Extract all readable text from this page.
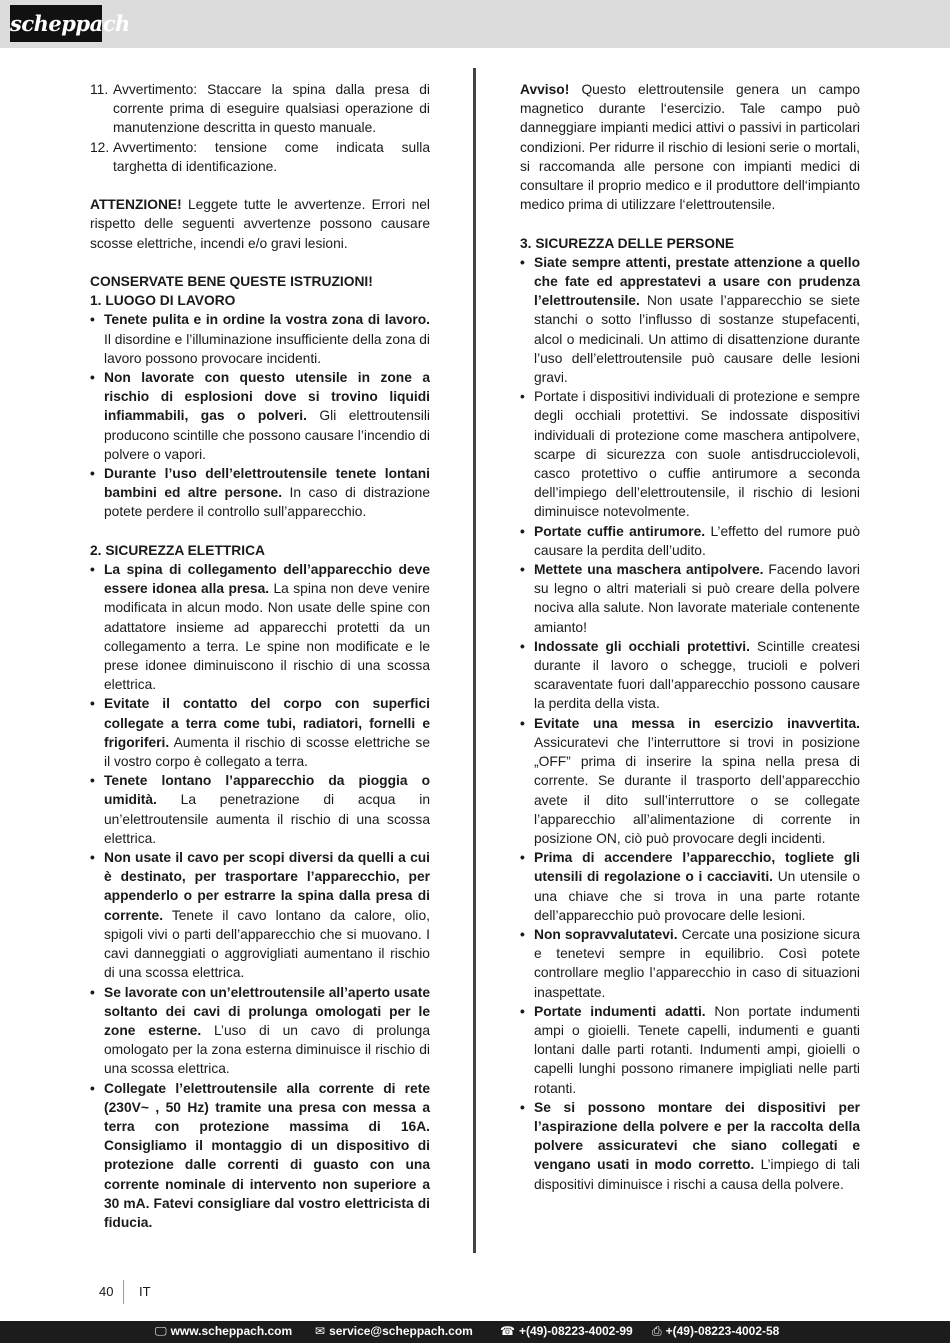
scheppach

11. Avvertimento: Staccare la spina dalla presa di corrente prima di eseguire qualsiasi operazione di manutenzione descritta in questo manuale.

12. Avvertimento: tensione come indicata sulla targhetta di identificazione.

ATTENZIONE! Leggete tutte le avvertenze. Errori nel rispetto delle seguenti avvertenze possono causare scosse elettriche, incendi e/o gravi lesioni.

CONSERVATE BENE QUESTE ISTRUZIONI!

1. LUOGO DI LAVORO

• Tenete pulita e in ordine la vostra zona di lavoro. Il disordine e l’illuminazione insufficiente della zona di lavoro possono provocare incidenti.

• Non lavorate con questo utensile in zone a rischio di esplosioni dove si trovino liquidi infiammabili, gas o polveri. Gli elettroutensili producono scintille che possono causare l’incendio di polvere o vapori.

• Durante l’uso dell’elettroutensile tenete lontani bambini ed altre persone. In caso di distrazione potete perdere il controllo sull’apparecchio.

2. SICUREZZA ELETTRICA

• La spina di collegamento dell’apparecchio deve essere idonea alla presa. La spina non deve venire modificata in alcun modo. Non usate delle spine con adattatore insieme ad apparecchi protetti da un collegamento a terra. Le spine non modificate e le prese idonee diminuiscono il rischio di una scossa elettrica.

• Evitate il contatto del corpo con superfici collegate a terra come tubi, radiatori, fornelli e frigoriferi. Aumenta il rischio di scosse elettriche se il vostro corpo è collegato a terra.

• Tenete lontano l’apparecchio da pioggia o umidità. La penetrazione di acqua in un’elettroutensile aumenta il rischio di una scossa elettrica.

• Non usate il cavo per scopi diversi da quelli a cui è destinato, per trasportare l’apparecchio, per appenderlo o per estrarre la spina dalla presa di corrente. Tenete il cavo lontano da calore, olio, spigoli vivi o parti dell’apparecchio che si muovano. I cavi danneggiati o aggrovigliati aumentano il rischio di una scossa elettrica.

• Se lavorate con un’elettroutensile all’aperto usate soltanto dei cavi di prolunga omologati per le zone esterne. L’uso di un cavo di prolunga omologato per la zona esterna diminuisce il rischio di una scossa elettrica.

• Collegate l’elettroutensile alla corrente di rete (230V~ , 50 Hz) tramite una presa con messa a terra con protezione massima di 16A. Consigliamo il montaggio di un dispositivo di protezione dalle correnti di guasto con una corrente nominale di intervento non superiore a 30 mA. Fatevi consigliare dal vostro elettricista di fiducia.

Avviso! Questo elettroutensile genera un campo magnetico durante l‘esercizio. Tale campo può danneggiare impianti medici attivi o passivi in particolari condizioni. Per ridurre il rischio di lesioni serie o mortali, si raccomanda alle persone con impianti medici di consultare il proprio medico e il produttore dell‘impianto medico prima di utilizzare l‘elettroutensile.

3. SICUREZZA DELLE PERSONE

• Siate sempre attenti, prestate attenzione a quello che fate ed apprestatevi a usare con prudenza l’elettroutensile. Non usate l’apparecchio se siete stanchi o sotto l’influsso di sostanze stupefacenti, alcol o medicinali. Un attimo di disattenzione durante l’uso dell’elettroutensile può causare delle lesioni gravi.

• Portate i dispositivi individuali di protezione e sempre degli occhiali protettivi. Se indossate dispositivi individuali di protezione come maschera antipolvere, scarpe di sicurezza con suole antisdrucciolevoli, casco protettivo o cuffie antirumore a seconda dell’impiego dell’elettroutensile, il rischio di lesioni diminuisce notevolmente.

• Portate cuffie antirumore. L’effetto del rumore può causare la perdita dell’udito.

• Mettete una maschera antipolvere. Facendo lavori su legno o altri materiali si può creare della polvere nociva alla salute. Non lavorate materiale contenente amianto!

• Indossate gli occhiali protettivi. Scintille createsi durante il lavoro o schegge, trucioli e polveri scaraventate fuori dall’apparecchio possono causare la perdita della vista.

• Evitate una messa in esercizio inavvertita. Assicuratevi che l’interruttore si trovi in posizione „OFF” prima di inserire la spina nella presa di corrente. Se durante il trasporto dell’apparecchio avete il dito sull’interruttore o se collegate l’apparecchio all’alimentazione di corrente in posizione ON, ciò può provocare degli incidenti.

• Prima di accendere l’apparecchio, togliete gli utensili di regolazione o i cacciaviti. Un utensile o una chiave che si trova in una parte rotante dell’apparecchio può provocare delle lesioni.

• Non sopravvalutatevi. Cercate una posizione sicura e tenetevi sempre in equilibrio. Così potete controllare meglio l’apparecchio in caso di situazioni inaspettate.

• Portate indumenti adatti. Non portate indumenti ampi o gioielli. Tenete capelli, indumenti e guanti lontani dalle parti rotanti. Indumenti ampi, gioielli o capelli lunghi possono rimanere impigliati nelle parti rotanti.

• Se si possono montare dei dispositivi per l’aspirazione della polvere e per la raccolta della polvere assicuratevi che siano collegati e vengano usati in modo corretto. L’impiego di tali dispositivi diminuisce i rischi a causa della polvere.

40 IT
🖵 www.scheppach.com ✉ service@scheppach.com ☎ +(49)-08223-4002-99 ⎙ +(49)-08223-4002-58
